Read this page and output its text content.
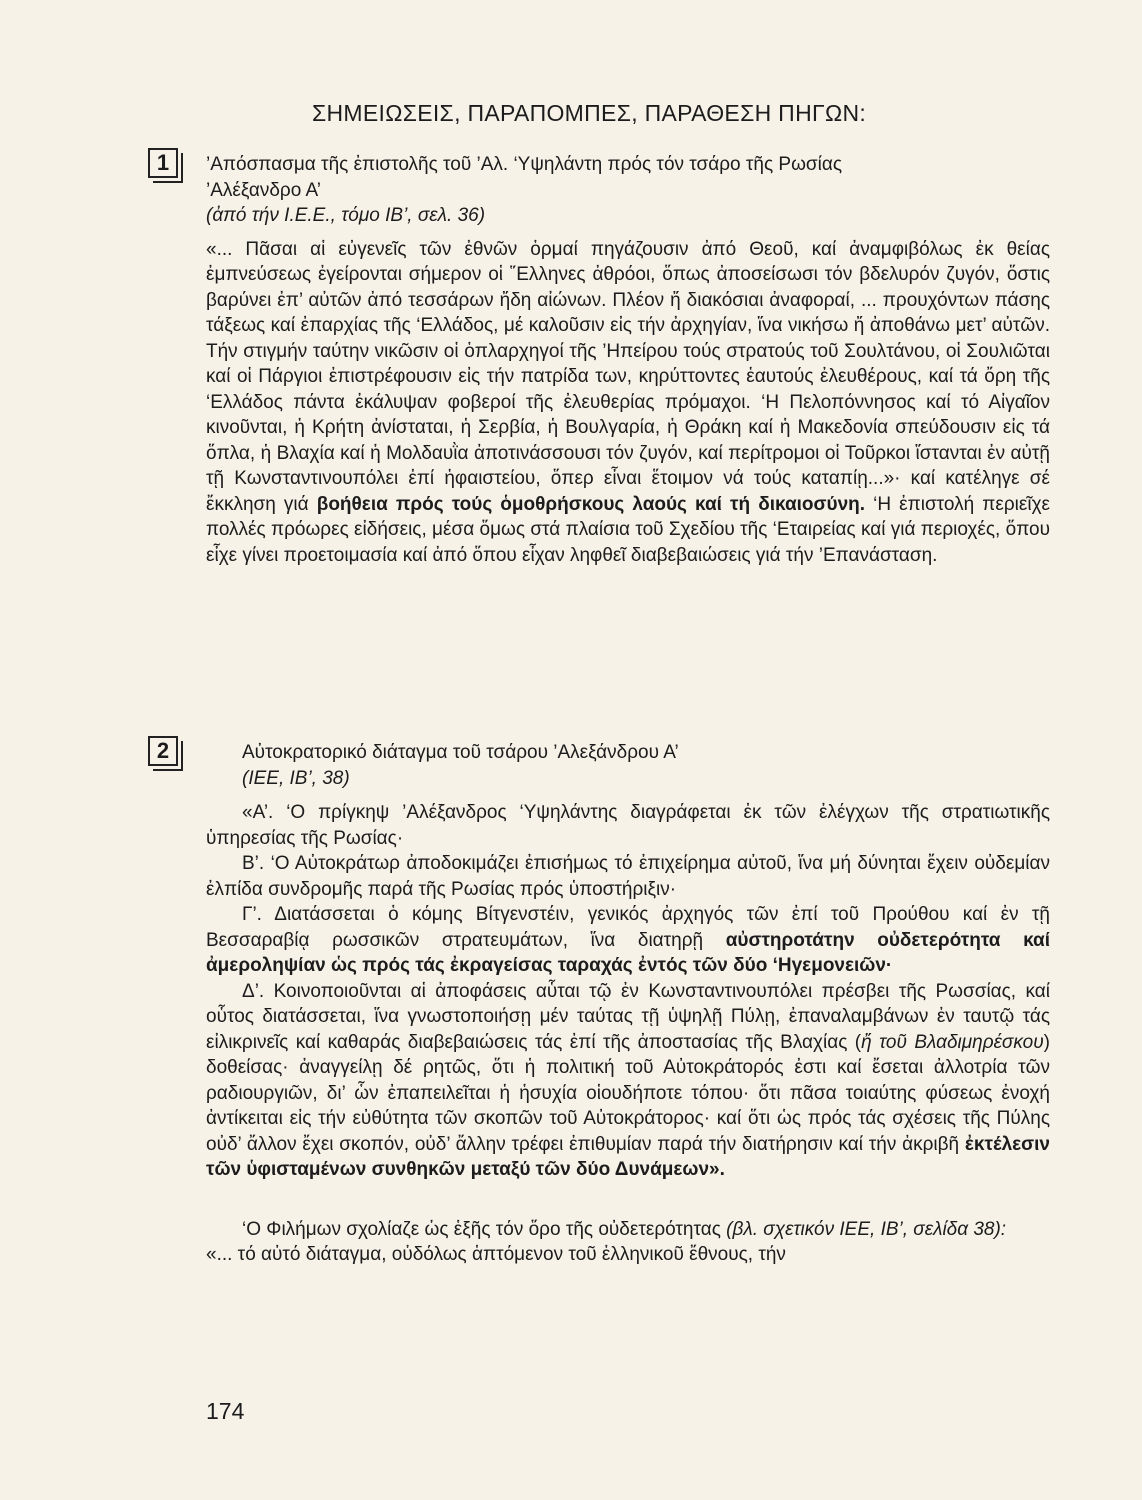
ΣΗΜΕΙΩΣΕΙΣ, ΠΑΡΑΠΟΜΠΕΣ, ΠΑΡΑΘΕΣΗ ΠΗΓΩΝ:
1	’Απόσπασμα τῆς ἐπιστολῆς τοῦ ’Αλ. ‘Υψηλάντη πρός τόν τσάρο τῆς Ρωσίας
’Αλέξανδρο Α’

(ἀπό τήν Ι.Ε.Ε., τόμο ΙΒ’, σελ. 36)

«... Πᾶσαι αἱ εὐγενεῖς τῶν ἐθνῶν ὁρμαί πηγάζουσιν ἀπό Θεοῦ, καί ἀναμφιβόλως ἐκ θείας ἐμπνεύσεως ἐγείρονται σήμερον οἱ ῞Ελληνες ἀθρόοι, ὅπως ἀποσείσωσι τόν βδελυρόν ζυγόν, ὅστις βαρύνει ἐπ’ αὐτῶν ἀπό τεσσάρων ἤδη αἰώνων. Πλέον ἤ διακόσιαι ἀναφοραί, ... προυχόντων πάσης τάξεως καί ἐπαρχίας τῆς ‘Ελλάδος, μέ καλοῦσιν εἰς τήν ἀρχηγίαν, ἵνα νικήσω ἤ ἀποθάνω μετ’ αὐτῶν. Τήν στιγμήν ταύτην νικῶσιν οἱ ὁπλαρχηγοί τῆς ’Ηπείρου τούς στρατούς τοῦ Σουλτάνου, οἱ Σουλιῶται καί οἱ Πάργιοι ἐπιστρέφουσιν εἰς τήν πατρίδα των, κηρύττοντες ἑαυτούς ἐλευθέρους, καί τά ὄρη τῆς ‘Ελλάδος πάντα ἐκάλυψαν φοβεροί τῆς ἐλευθερίας πρόμαχοι. ‘Η Πελοπόννησος καί τό Αἰγαῖον κινοῦνται, ἡ Κρήτη ἀνίσταται, ἡ Σερβία, ἡ Βουλγαρία, ἡ Θράκη καί ἡ Μακεδονία σπεύδουσιν εἰς τά ὅπλα, ἡ Βλαχία καί ἡ Μολδαυῒα ἀποτινάσσουσι τόν ζυγόν, καί περίτρομοι οἱ Τοῦρκοι ἵστανται ἐν αὐτῇ τῇ Κωνσταντινουπόλει ἐπί ἡφαιστείου, ὅπερ εἶναι ἕτοιμον νά τούς καταπίῃ...»· καί κατέληγε σέ ἔκκληση γιά βοήθεια πρός τούς ὁμοθρήσκους λαούς καί τή δικαιοσύνη. ‘Η ἐπιστολή περιεῖχε πολλές πρόωρες εἰδήσεις, μέσα ὅμως στά πλαίσια τοῦ Σχεδίου τῆς ‘Εταιρείας καί γιά περιοχές, ὅπου εἶχε γίνει προετοιμασία καί ἀπό ὅπου εἶχαν ληφθεῖ διαβεβαιώσεις γιά τήν ’Επανάσταση.

2	Αὐτοκρατορικό διάταγμα τοῦ τσάρου ’Αλεξάνδρου Α’

(ΙΕΕ, ΙΒ’, 38)

«Α’. ‘Ο πρίγκηψ ’Αλέξανδρος ‘Υψηλάντης διαγράφεται ἐκ τῶν ἐλέγχων τῆς στρατιωτικῆς ὑπηρεσίας τῆς Ρωσίας·

Β’. ‘Ο Αὐτοκράτωρ ἀποδοκιμάζει ἐπισήμως τό ἐπιχείρημα αὐτοῦ, ἵνα μή δύνηται ἔχειν οὐδεμίαν ἐλπίδα συνδρομῆς παρά τῆς Ρωσίας πρός ὑποστήριξιν·

Γ’. Διατάσσεται ὁ κόμης Βίτγενστέιν, γενικός ἀρχηγός τῶν ἐπί τοῦ Προύθου καί ἐν τῇ Βεσσαραβίᾳ ρωσσικῶν στρατευμάτων, ἵνα διατηρῇ αὐστηροτάτην οὐδετερότητα καί ἀμεροληψίαν ὡς πρός τάς ἐκραγείσας ταραχάς ἐντός τῶν δύο ‘Ηγεμονειῶν·

Δ’. Κοινοποιοῦνται αἱ ἀποφάσεις αὗται τῷ ἐν Κωνσταντινουπόλει πρέσβει τῆς Ρωσσίας, καί οὗτος διατάσσεται, ἵνα γνωστοποιήσῃ μέν ταύτας τῇ ὑψηλῇ Πύλῃ, ἐπαναλαμβάνων ἐν ταυτῷ τάς εἰλικρινεῖς καί καθαράς διαβεβαιώσεις τάς ἐπί τῆς ἀποστασίας τῆς Βλαχίας (ἤ τοῦ Βλαδιμηρέσκου) δοθείσας· ἀναγγείλῃ δέ ρητῶς, ὅτι ἡ πολιτική τοῦ Αὐτοκράτορός ἐστι καί ἔσεται ἀλλοτρία τῶν ραδιουργιῶν, δι’ ὧν ἐπαπειλεῖται ἡ ἡσυχία οἱουδήποτε τόπου· ὅτι πᾶσα τοιαύτης φύσεως ἐνοχή ἀντίκειται εἰς τήν εὐθύτητα τῶν σκοπῶν τοῦ Αὐτοκράτορος· καί ὅτι ὡς πρός τάς σχέσεις τῆς Πύλης οὐδ’ ἄλλον ἔχει σκοπόν, οὐδ’ ἄλλην τρέφει ἐπιθυμίαν παρά τήν διατήρησιν καί τήν ἀκριβῆ ἐκτέλεσιν τῶν ὑφισταμένων συνθηκῶν μεταξύ τῶν δύο Δυνάμεων».

‘Ο Φιλήμων σχολίαζε ὡς ἑξῆς τόν ὅρο τῆς οὐδετερότητας (βλ. σχετικόν ΙΕΕ, ΙΒ’, σελίδα 38):

«... τό αὐτό διάταγμα, οὐδόλως ἁπτόμενον τοῦ ἑλληνικοῦ ἔθνους, τήν

174
